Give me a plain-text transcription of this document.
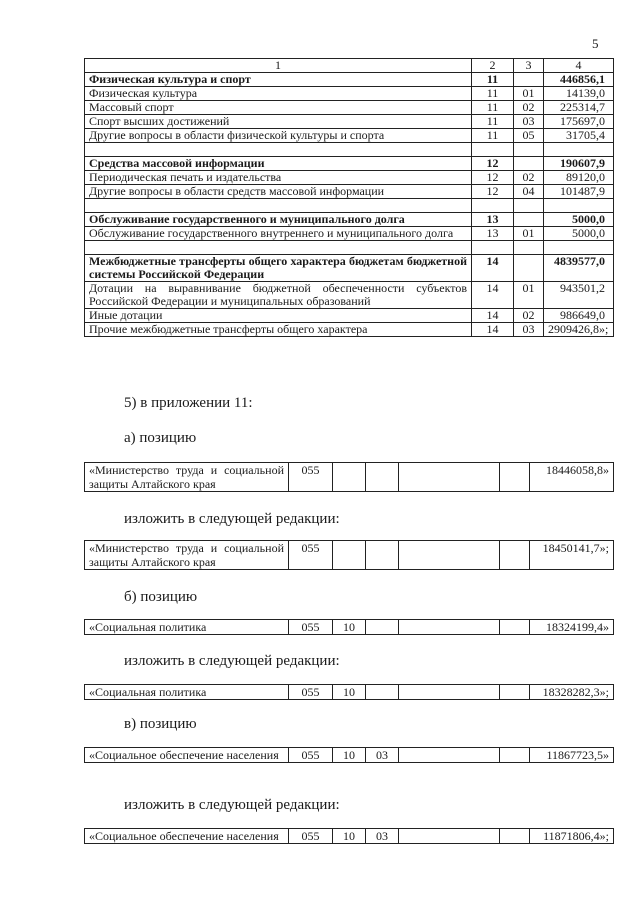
5
1	2	3	4
Физическая культура и спорт	11		446856,1
Физическая культура	11	01	14139,0
Массовый спорт	11	02	225314,7
Спорт высших достижений	11	03	175697,0
Другие вопросы в области физической культуры и спорта	11	05	31705,4

Средства массовой информации	12		190607,9
Периодическая печать и издательства	12	02	89120,0
Другие вопросы в области средств массовой информации	12	04	101487,9

Обслуживание государственного и муниципального долга	13		5000,0
Обслуживание государственного внутреннего и муниципального долга	13	01	5000,0

Межбюджетные трансферты общего характера бюджетам бюджетной системы Российской Федерации	14		4839577,0
Дотации на выравнивание бюджетной обеспеченности субъектов Российской Федерации и муниципальных образований	14	01	943501,2
Иные дотации	14	02	986649,0
Прочие межбюджетные трансферты общего характера	14	03	2909426,8»;

5) в приложении 11:

а) позицию

«Министерство труда и социальной защиты Алтайского края	055					18446058,8»

изложить в следующей редакции:

«Министерство труда и социальной защиты Алтайского края	055					18450141,7»;

б) позицию

«Социальная политика	055	10				18324199,4»

изложить в следующей редакции:

«Социальная политика	055	10				18328282,3»;

в) позицию

«Социальное обеспечение населения	055	10	03			11867723,5»

изложить в следующей редакции:

«Социальное обеспечение населения	055	10	03			11871806,4»;
